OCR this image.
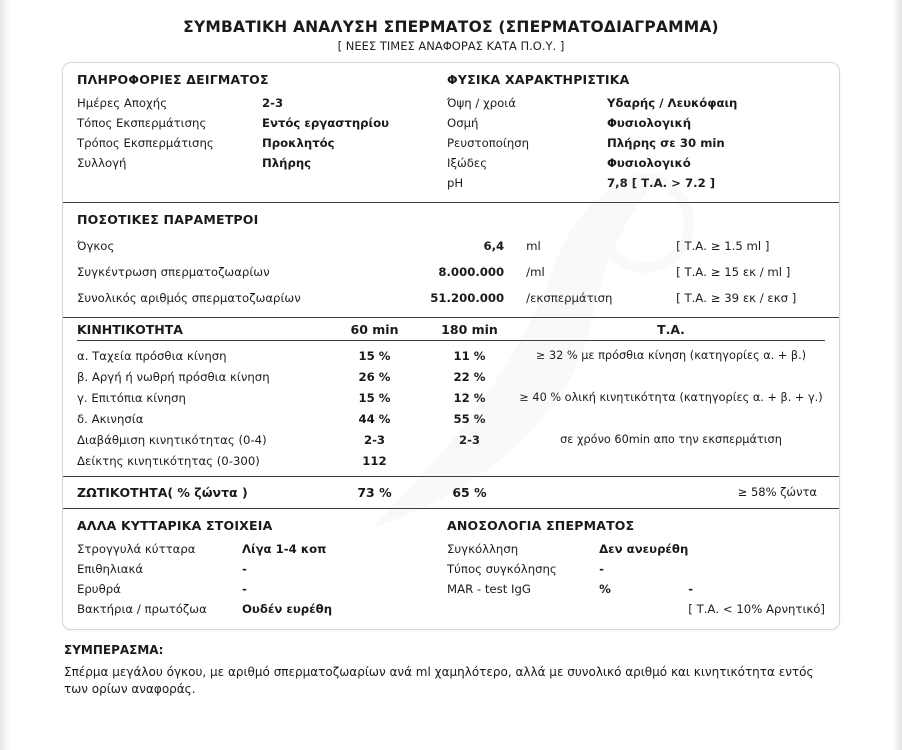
ΣΥΜΒΑΤΙΚΗ ΑΝΑΛΥΣΗ ΣΠΕΡΜΑΤΟΣ (ΣΠΕΡΜΑΤΟΔΙΑΓΡΑΜΜΑ)
[ ΝΕΕΣ ΤΙΜΕΣ ΑΝΑΦΟΡΑΣ ΚΑΤΑ Π.Ο.Υ. ]
ΠΛΗΡΟΦΟΡΙΕΣ ΔΕΙΓΜΑΤΟΣ
Ημέρες Αποχής	2-3
Τόπος Εκσπερμάτισης	Εντός εργαστηρίου
Τρόπος Εκσπερμάτισης	Προκλητός
Συλλογή	Πλήρης
ΦΥΣΙΚΑ ΧΑΡΑΚΤΗΡΙΣΤΙΚΑ
Όψη / χροιά	Υδαρής / Λευκόφαιη
Οσμή	Φυσιολογική
Ρευστοποίηση	Πλήρης σε 30 min
Ιξώδες	Φυσιολογικό
pH	7,8 [ Τ.Α. > 7.2 ]
ΠΟΣΟΤΙΚΕΣ ΠΑΡΑΜΕΤΡΟΙ
Όγκος	6,4	ml	[ Τ.Α. ≥ 1.5 ml ]
Συγκέντρωση σπερματοζωαρίων	8.000.000	/ml	[ Τ.Α. ≥ 15 εκ / ml ]
Συνολικός αριθμός σπερματοζωαρίων	51.200.000	/εκσπερμάτιση	[ Τ.Α. ≥ 39 εκ / εκσ ]
ΚΙΝΗΤΙΚΟΤΗΤΑ	60 min	180 min	Τ.Α.
α. Ταχεία πρόσθια κίνηση	15 %	11 %	≥ 32 % με πρόσθια κίνηση (κατηγορίες α. + β.)
β. Αργή ή νωθρή πρόσθια κίνηση	26 %	22 %	
γ. Επιτόπια κίνηση	15 %	12 %	≥ 40 % ολική κινητικότητα (κατηγορίες α. + β. + γ.)
δ. Ακινησία	44 %	55 %	
Διαβάθμιση κινητικότητας (0-4)	2-3	2-3	σε χρόνο 60min απο την εκσπερμάτιση
Δείκτης κινητικότητας (0-300)	112		
ΖΩΤΙΚΟΤΗΤΑ( % ζώντα )	73 %	65 %	≥ 58% ζώντα
ΑΛΛΑ ΚΥΤΤΑΡΙΚΑ ΣΤΟΙΧΕΙΑ
Στρογγυλά κύτταρα	Λίγα 1-4 κοπ
Επιθηλιακά	-
Ερυθρά	-
Βακτήρια / πρωτόζωα	Ουδέν ευρέθη
ΑΝΟΣΟΛΟΓΙΑ ΣΠΕΡΜΑΤΟΣ
Συγκόλληση	Δεν ανευρέθη	
Τύπος συγκόλησης	-	
MAR - test IgG	%	-
		[ Τ.Α. < 10% Αρνητικό]
ΣΥΜΠΕΡΑΣΜΑ:
Σπέρμα μεγάλου όγκου, με αριθμό σπερματοζωαρίων ανά ml χαμηλότερο, αλλά με συνολικό αριθμό και κινητικότητα εντός των ορίων αναφοράς.
